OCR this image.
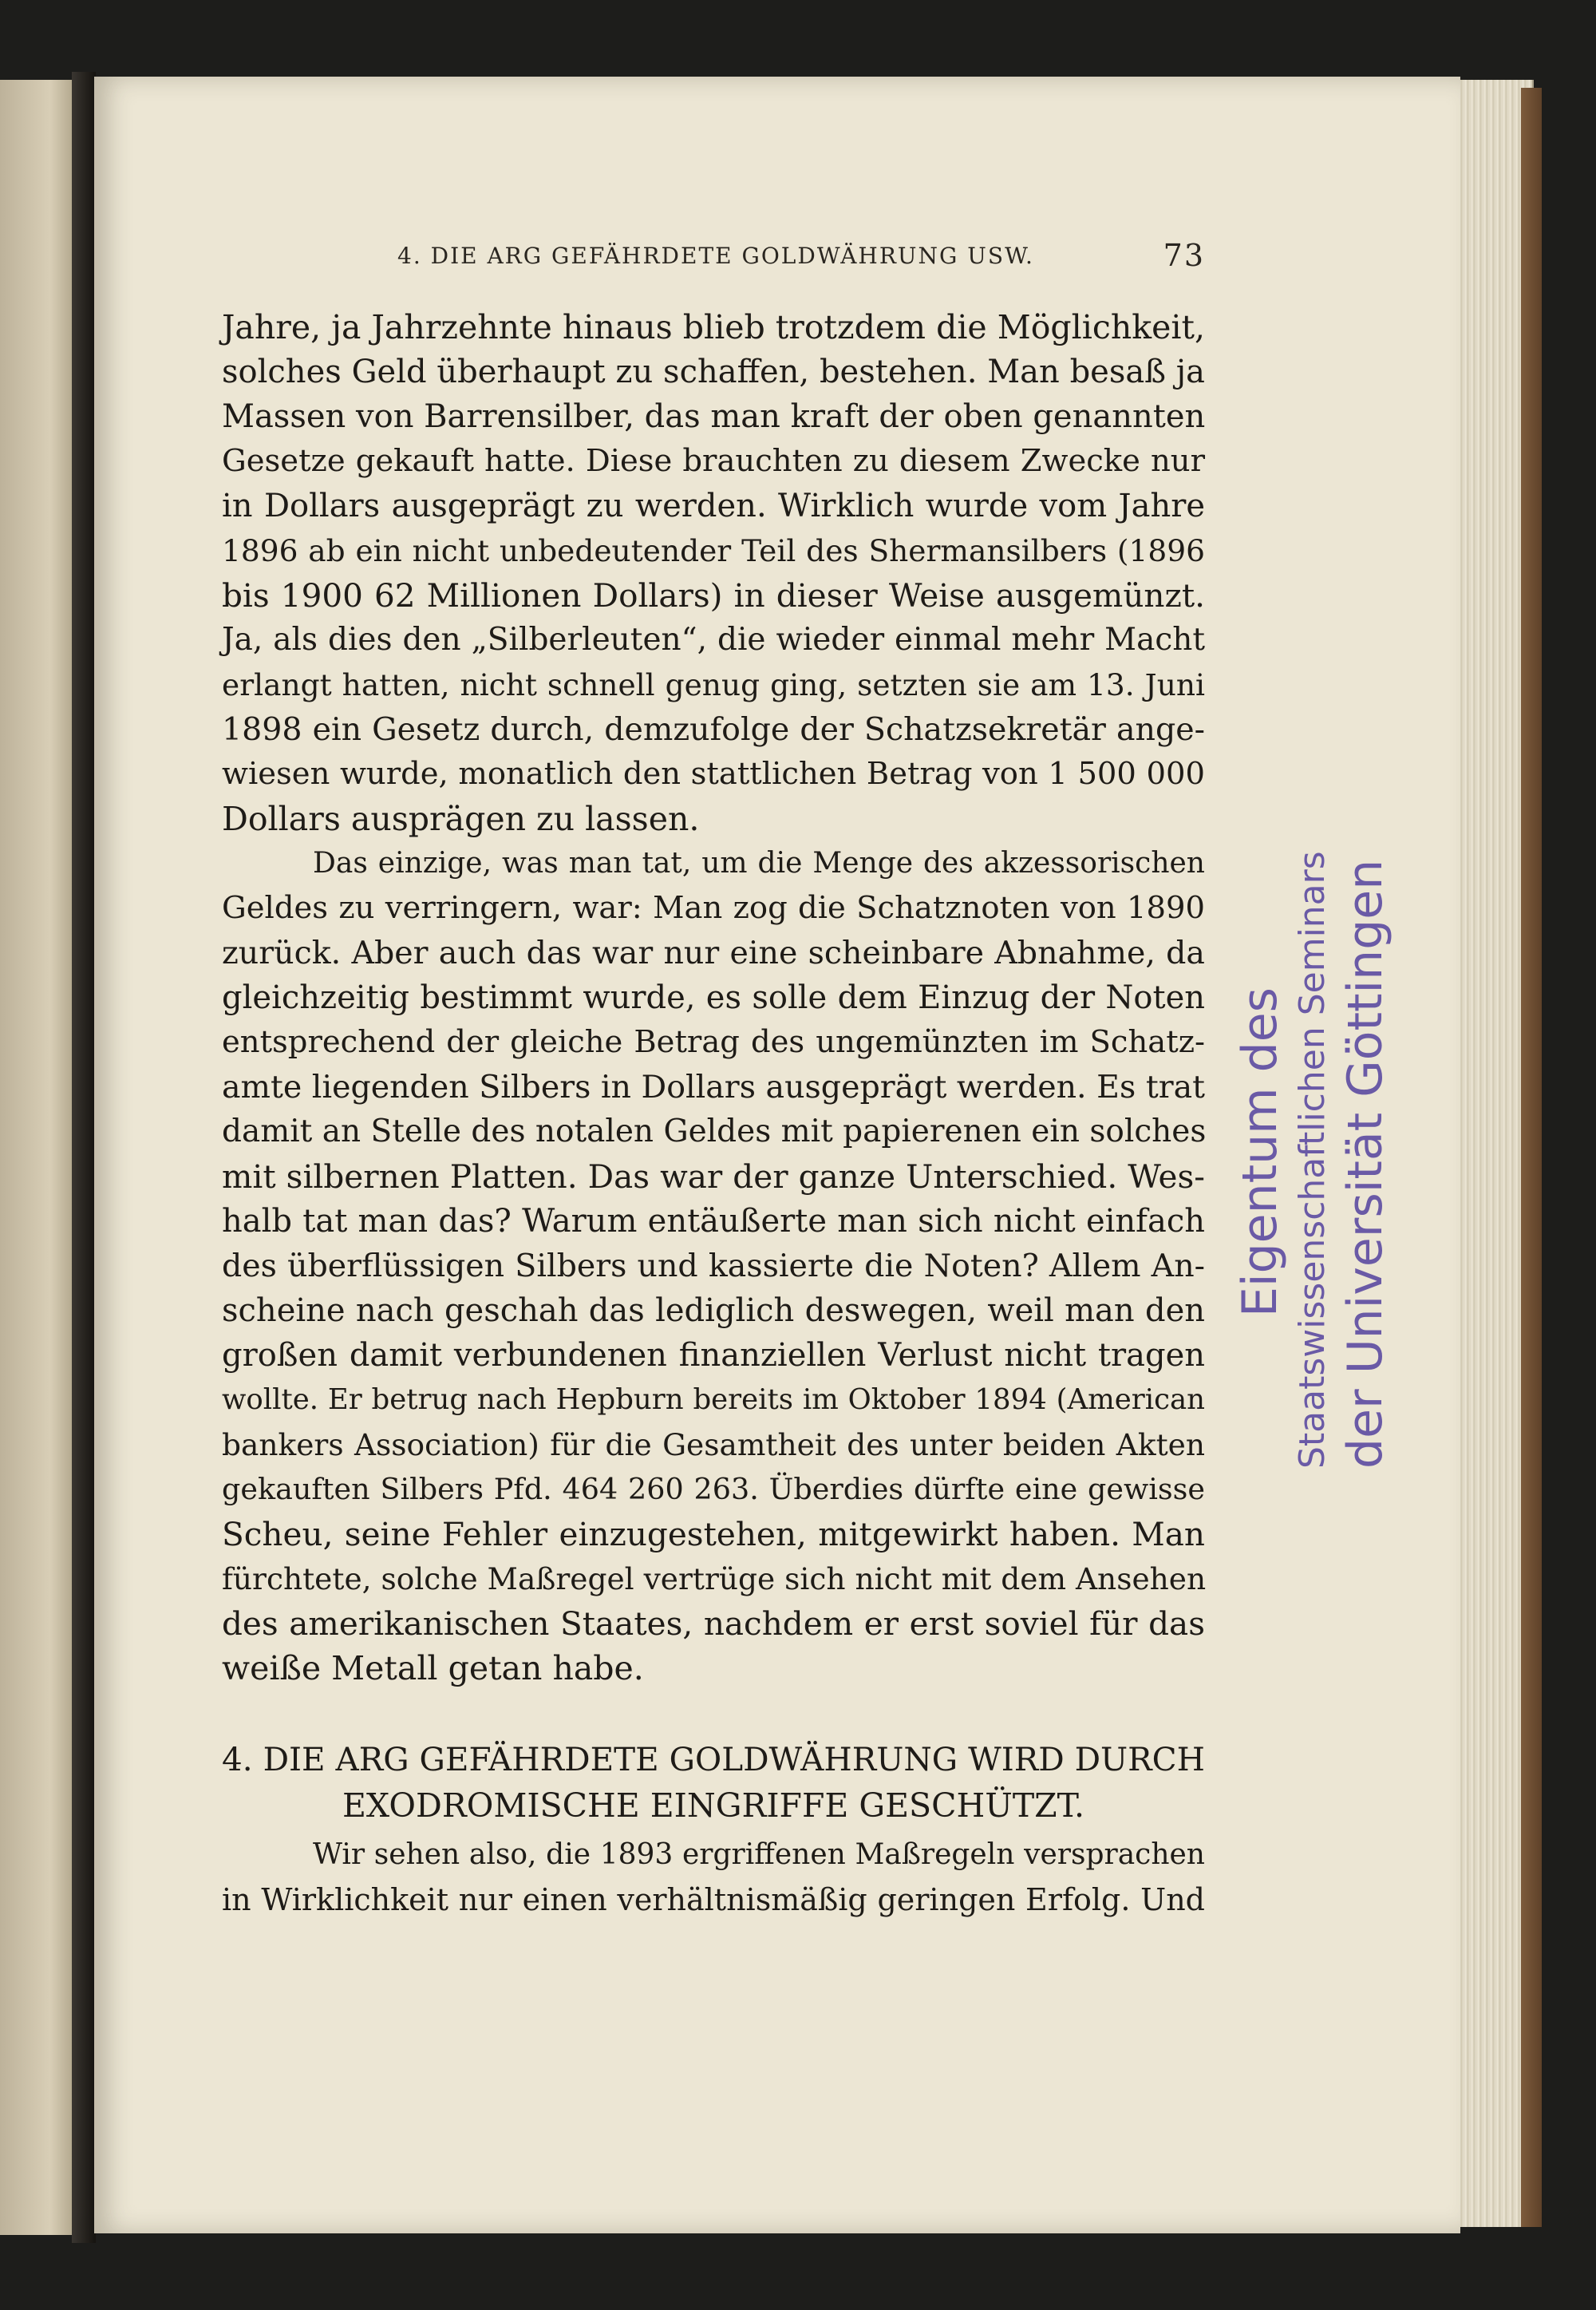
4. DIE ARG GEFÄHRDETE GOLDWÄHRUNG USW.	73
Jahre, ja Jahrzehnte hinaus blieb trotzdem die Möglichkeit,
solches Geld überhaupt zu schaffen, bestehen. Man besaß ja
Massen von Barrensilber, das man kraft der oben genannten
Gesetze gekauft hatte. Diese brauchten zu diesem Zwecke nur
in Dollars ausgeprägt zu werden. Wirklich wurde vom Jahre
1896 ab ein nicht unbedeutender Teil des Shermansilbers (1896
bis 1900 62 Millionen Dollars) in dieser Weise ausgemünzt.
Ja, als dies den „Silberleuten“, die wieder einmal mehr Macht
erlangt hatten, nicht schnell genug ging, setzten sie am 13. Juni
1898 ein Gesetz durch, demzufolge der Schatzsekretär ange-
wiesen wurde, monatlich den stattlichen Betrag von 1 500 000
Dollars ausprägen zu lassen.
Das einzige, was man tat, um die Menge des akzessorischen
Geldes zu verringern, war: Man zog die Schatznoten von 1890
zurück. Aber auch das war nur eine scheinbare Abnahme, da
gleichzeitig bestimmt wurde, es solle dem Einzug der Noten
entsprechend der gleiche Betrag des ungemünzten im Schatz-
amte liegenden Silbers in Dollars ausgeprägt werden. Es trat
damit an Stelle des notalen Geldes mit papierenen ein solches
mit silbernen Platten. Das war der ganze Unterschied. Wes-
halb tat man das? Warum entäußerte man sich nicht einfach
des überflüssigen Silbers und kassierte die Noten? Allem An-
scheine nach geschah das lediglich deswegen, weil man den
großen damit verbundenen finanziellen Verlust nicht tragen
wollte. Er betrug nach Hepburn bereits im Oktober 1894 (American
bankers Association) für die Gesamtheit des unter beiden Akten
gekauften Silbers Pfd. 464 260 263. Überdies dürfte eine gewisse
Scheu, seine Fehler einzugestehen, mitgewirkt haben. Man
fürchtete, solche Maßregel vertrüge sich nicht mit dem Ansehen
des amerikanischen Staates, nachdem er erst soviel für das
weiße Metall getan habe.
4. DIE ARG GEFÄHRDETE GOLDWÄHRUNG WIRD DURCH
EXODROMISCHE EINGRIFFE GESCHÜTZT.
Wir sehen also, die 1893 ergriffenen Maßregeln versprachen
in Wirklichkeit nur einen verhältnismäßig geringen Erfolg. Und
Eigentum des Staatswissenschaftlichen Seminars der Universität Göttingen
